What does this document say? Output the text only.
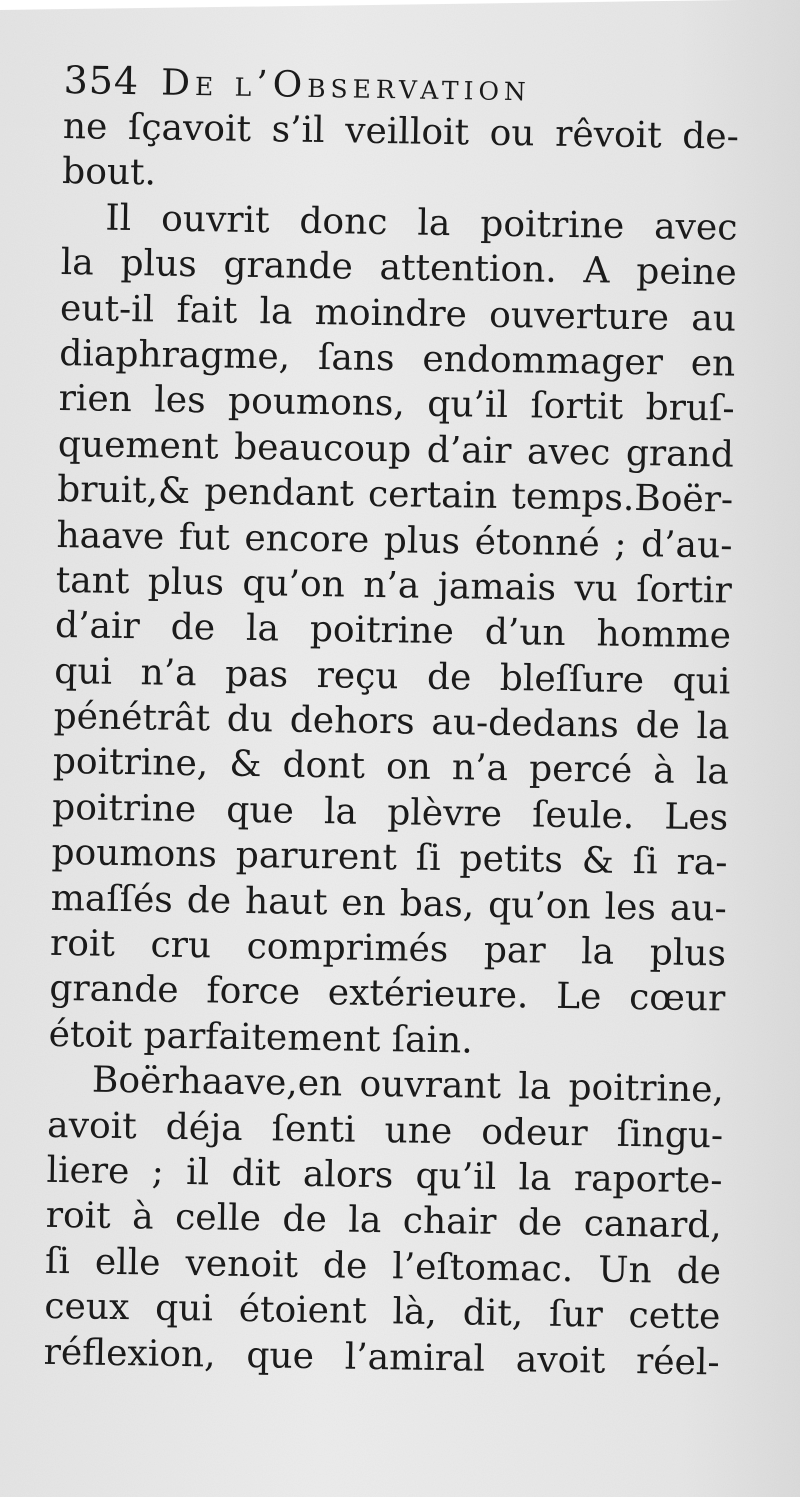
354 De l’Observation
ne ſçavoit s’il veilloit ou rêvoit de-
bout.
Il ouvrit donc la poitrine avec
la plus grande attention. A peine
eut-il fait la moindre ouverture au
diaphragme, ſans endommager en
rien les poumons, qu’il ſortit bruſ-
quement beaucoup d’air avec grand
bruit,& pendant certain temps.Boër-
haave fut encore plus étonné ; d’au-
tant plus qu’on n’a jamais vu ſortir
d’air de la poitrine d’un homme
qui n’a pas reçu de bleſſure qui
pénétrât du dehors au-dedans de la
poitrine, & dont on n’a percé à la
poitrine que la plèvre ſeule. Les
poumons parurent ſi petits & ſi ra-
maſſés de haut en bas, qu’on les au-
roit cru comprimés par la plus
grande force extérieure. Le cœur
étoit parfaitement ſain.
Boërhaave,en ouvrant la poitrine,
avoit déja ſenti une odeur ſingu-
liere ; il dit alors qu’il la raporte-
roit à celle de la chair de canard,
ſi elle venoit de l’eſtomac. Un de
ceux qui étoient là, dit, ſur cette
réflexion, que l’amiral avoit réel-
